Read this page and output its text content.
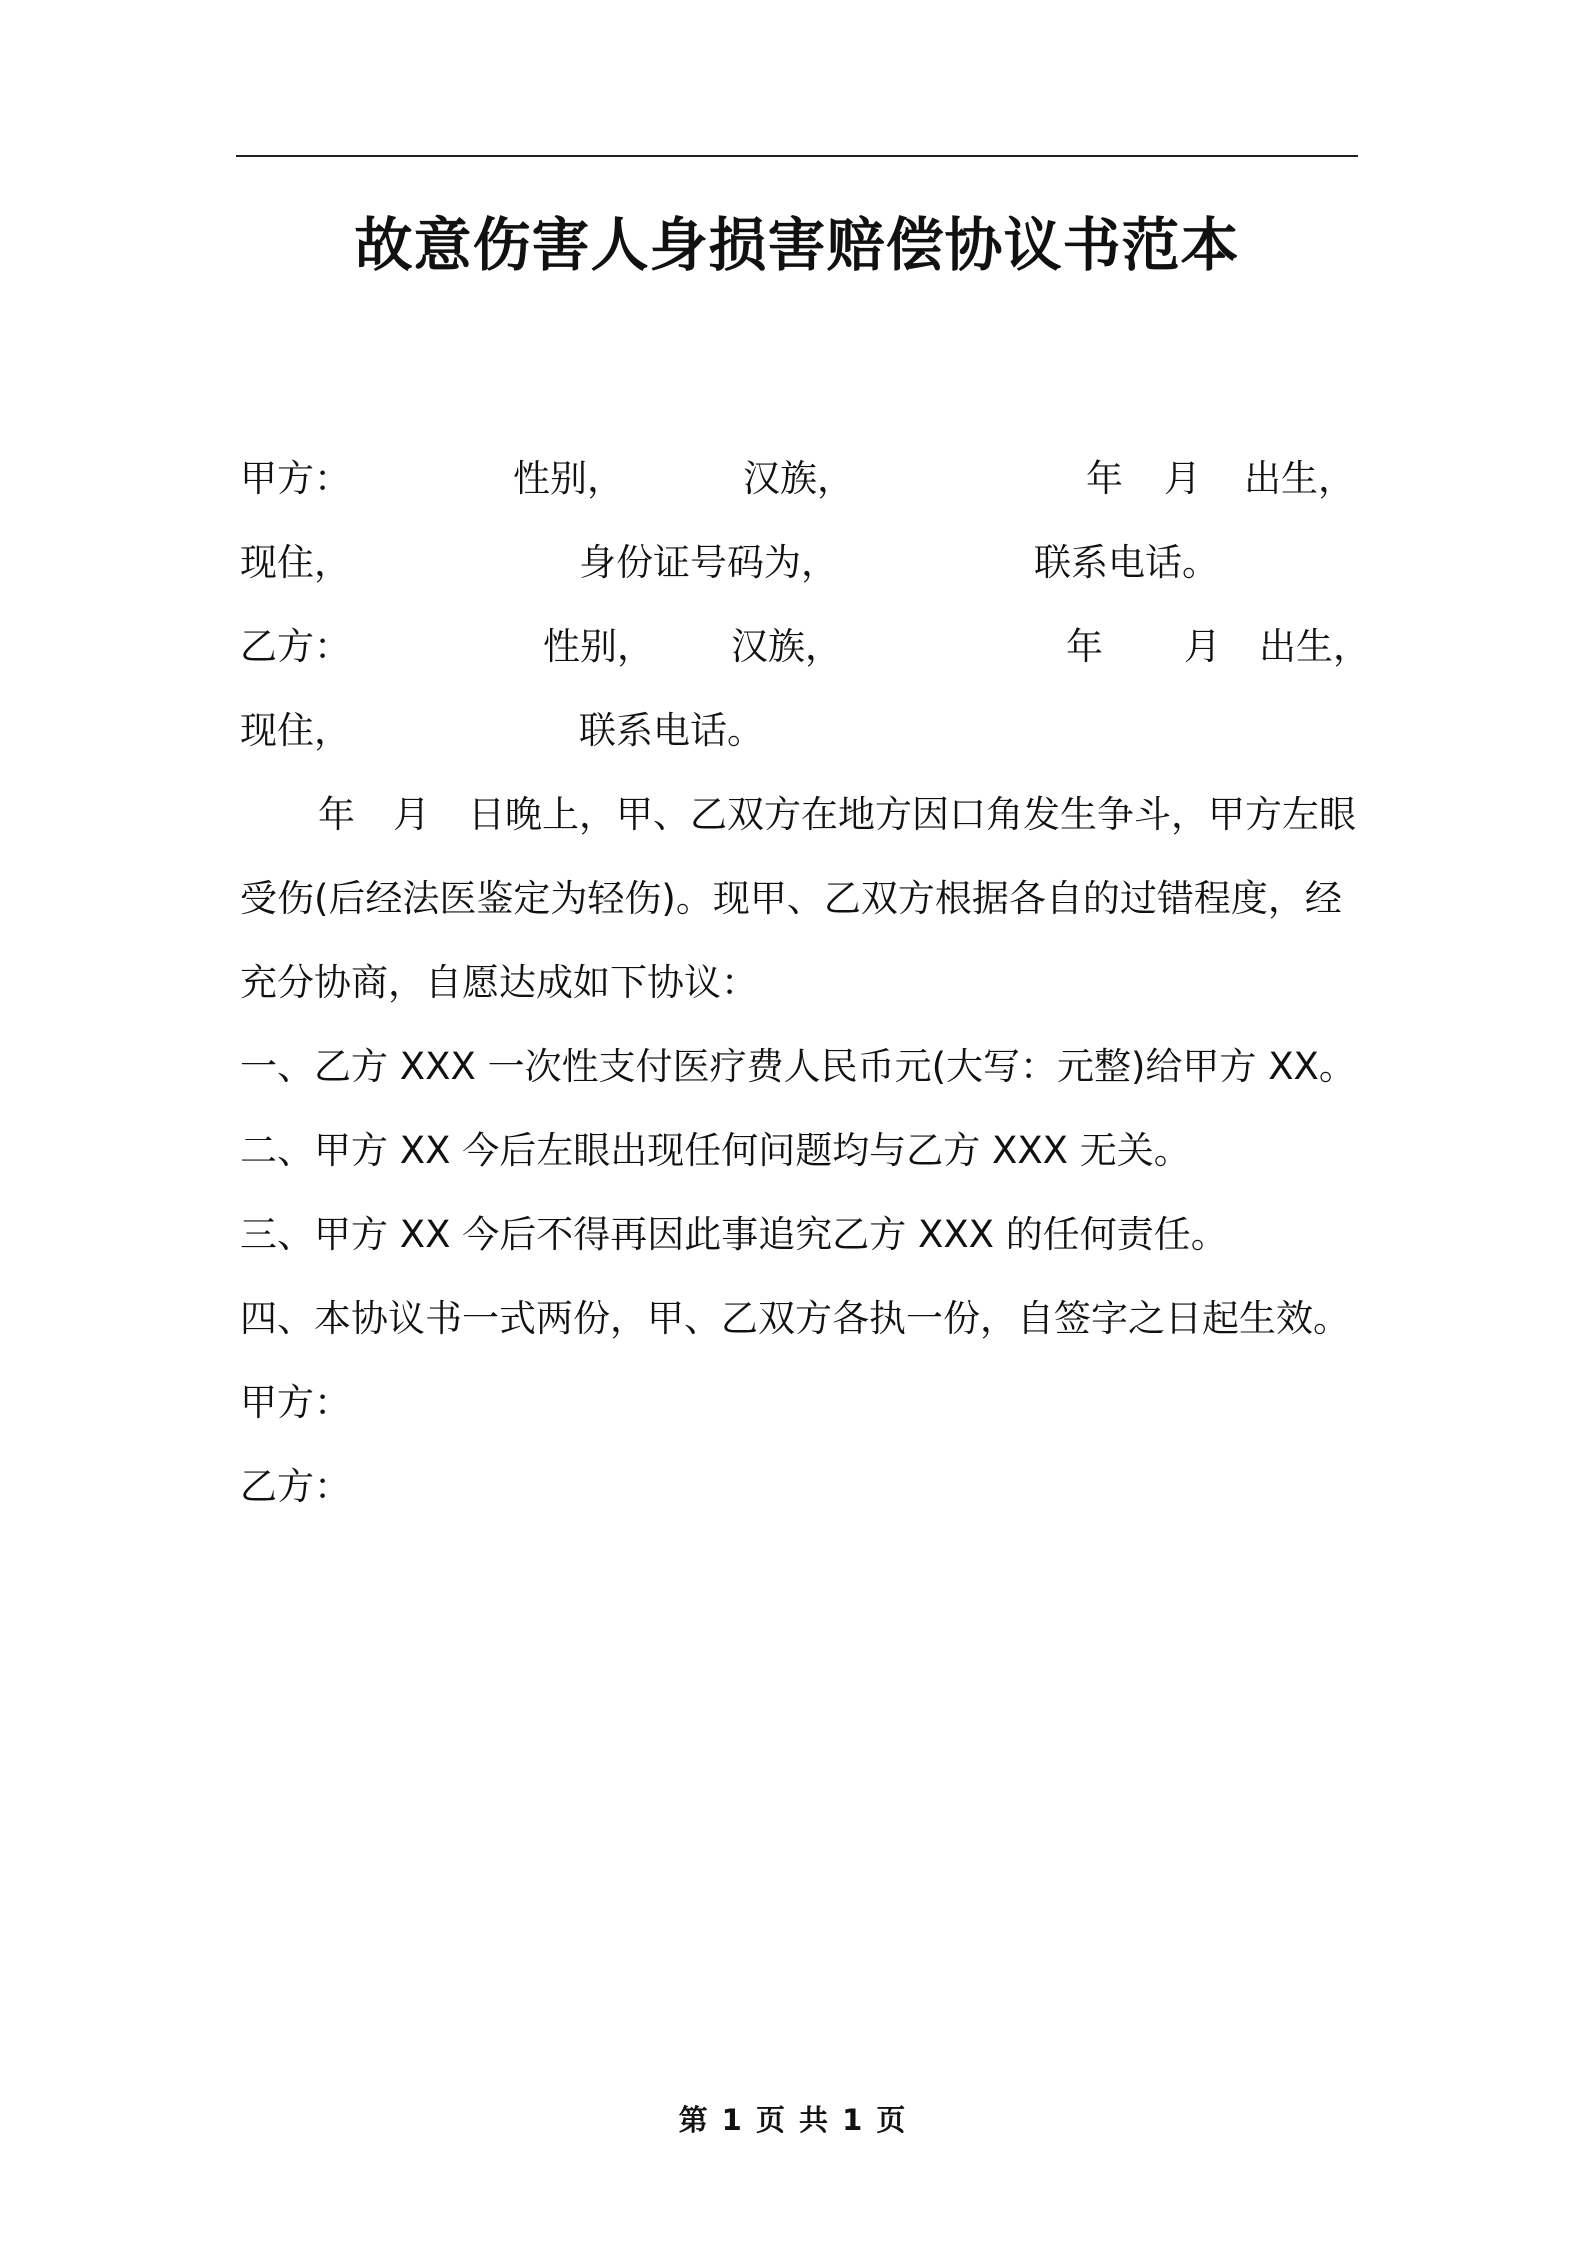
故意伤害人身损害赔偿协议书范本
甲方：	性别，	汉族，	年 月 出生，
现住，	身份证号码为，	联系电话。
乙方：	性别， 汉族，	年 月 出生，
现住，	联系电话。
年 月 日晚上，甲、乙双方在地方因口角发生争斗，甲方左眼
受伤(后经法医鉴定为轻伤)。现甲、乙双方根据各自的过错程度，经
充分协商，自愿达成如下协议：
一、乙方 XXX 一次性支付医疗费人民币元(大写：元整)给甲方 XX。
二、甲方 XX 今后左眼出现任何问题均与乙方 XXX 无关。
三、甲方 XX 今后不得再因此事追究乙方 XXX 的任何责任。
四、本协议书一式两份，甲、乙双方各执一份，自签字之日起生效。
甲方：
乙方：
第 1 页 共 1 页
